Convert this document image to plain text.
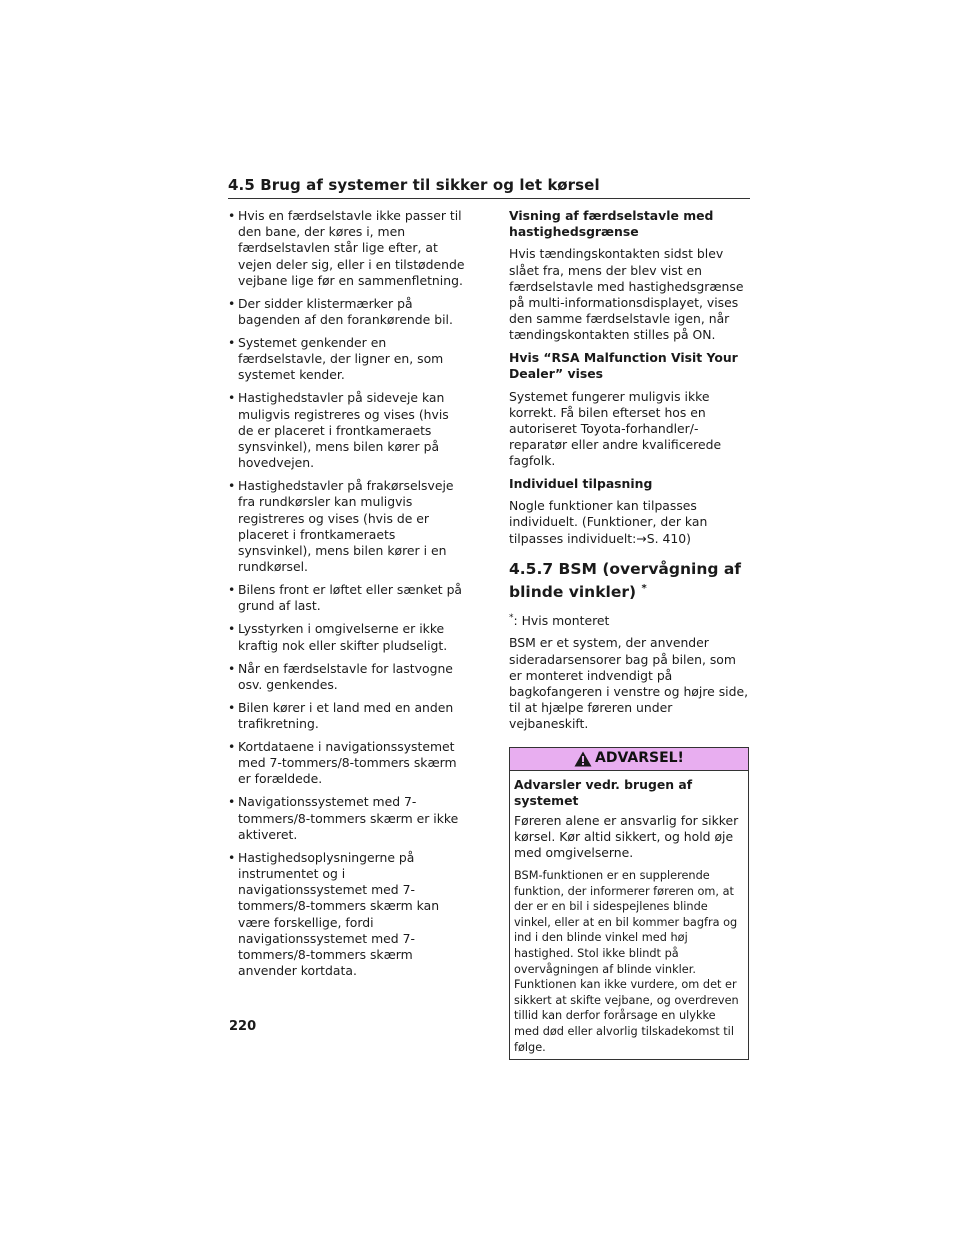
4.5 Brug af systemer til sikker og let kørsel
• Hvis en færdselstavle ikke passer til den bane, der køres i, men færdselstavlen står lige efter, at vejen deler sig, eller i en tilstødende vejbane lige før en sammenfletning.
• Der sidder klistermærker på bagenden af den forankørende bil.
• Systemet genkender en færdselstavle, der ligner en, som systemet kender.
• Hastighedstavler på sideveje kan muligvis registreres og vises (hvis de er placeret i frontkameraets synsvinkel), mens bilen kører på hovedvejen.
• Hastighedstavler på frakørselsveje fra rundkørsler kan muligvis registreres og vises (hvis de er placeret i frontkameraets synsvinkel), mens bilen kører i en rundkørsel.
• Bilens front er løftet eller sænket på grund af last.
• Lysstyrken i omgivelserne er ikke kraftig nok eller skifter pludseligt.
• Når en færdselstavle for lastvogne osv. genkendes.
• Bilen kører i et land med en anden trafikretning.
• Kortdataene i navigationssystemet med 7-tommers/8-tommers skærm er forældede.
• Navigationssystemet med 7-tommers/8-tommers skærm er ikke aktiveret.
• Hastighedsoplysningerne på instrumentet og i navigationssystemet med 7-tommers/8-tommers skærm kan være forskellige, fordi navigationssystemet med 7-tommers/8-tommers skærm anvender kortdata.

Visning af færdselstavle med hastighedsgrænse

Hvis tændingskontakten sidst blev slået fra, mens der blev vist en færdselstavle med hastighedsgrænse på multi-informationsdisplayet, vises den samme færdselstavle igen, når tændingskontakten stilles på ON.

Hvis “RSA Malfunction Visit Your Dealer” vises

Systemet fungerer muligvis ikke korrekt. Få bilen efterset hos en autoriseret Toyota-forhandler/-reparatør eller andre kvalificerede fagfolk.

Individuel tilpasning

Nogle funktioner kan tilpasses individuelt. (Funktioner, der kan tilpasses individuelt:→S. 410)

4.5.7 BSM (overvågning af blinde vinkler) *

*: Hvis monteret

BSM er et system, der anvender sideradarsensorer bag på bilen, som er monteret indvendigt på bagkofangeren i venstre og højre side, til at hjælpe føreren under vejbaneskift.

ADVARSEL!

Advarsler vedr. brugen af systemet

Føreren alene er ansvarlig for sikker kørsel. Kør altid sikkert, og hold øje med omgivelserne.

BSM-funktionen er en supplerende funktion, der informerer føreren om, at der er en bil i sidespejlenes blinde vinkel, eller at en bil kommer bagfra og ind i den blinde vinkel med høj hastighed. Stol ikke blindt på overvågningen af blinde vinkler. Funktionen kan ikke vurdere, om det er sikkert at skifte vejbane, og overdreven tillid kan derfor forårsage en ulykke med død eller alvorlig tilskadekomst til følge.

220
